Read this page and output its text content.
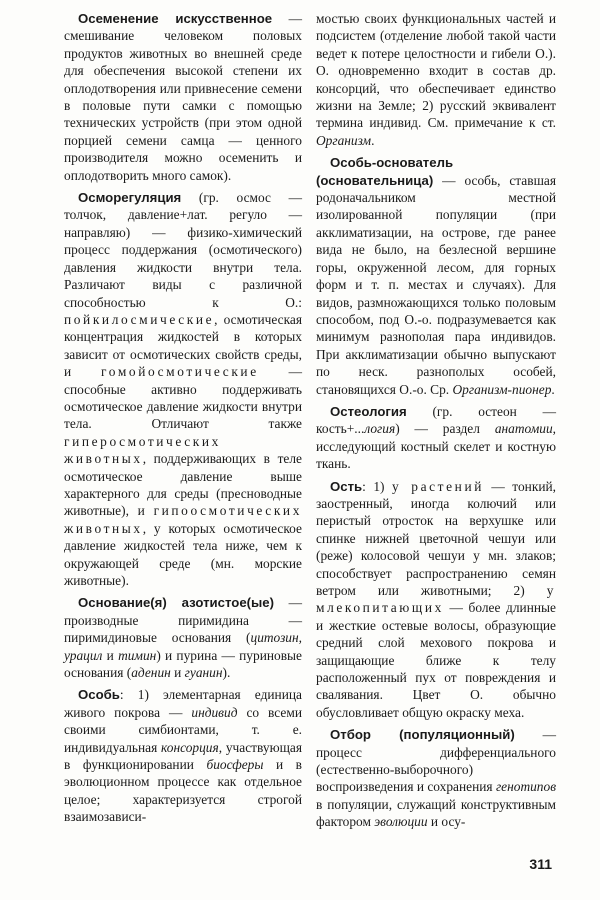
Осеменение искусственное — смешивание человеком половых продуктов животных во внешней среде для обеспечения высокой степени их оплодотворения или привнесение семени в половые пути самки с помощью технических устройств (при этом одной порцией семени самца — ценного производителя можно осеменить и оплодотворить много самок).

Осморегуляция (гр. осмос — толчок, давление+лат. регуло — направляю) — физико-химический процесс поддержания (осмотического) давления жидкости внутри тела. Различают виды с различной способностью к О.: пойкилосмические, осмотическая концентрация жидкостей в которых зависит от осмотических свойств среды, и гомойосмотические — способные активно поддерживать осмотическое давление жидкости внутри тела. Отличают также гиперосмотических животных, поддерживающих в теле осмотическое давление выше характерного для среды (пресноводные животные), и гипоосмотических животных, у которых осмотическое давление жидкостей тела ниже, чем к окружающей среде (мн. морские животные).

Основание(я) азотистое(ые) — производные пиримидина — пиримидиновые основания (цитозин, урацил и тимин) и пурина — пуриновые основания (аденин и гуанин).

Особь: 1) элементарная единица живого покрова — индивид со всеми своими симбионтами, т. е. индивидуальная консорция, участвующая в функционировании биосферы и в эволюционном процессе как отдельное целое; характеризуется строгой взаимозависи-

мостью своих функциональных частей и подсистем (отделение любой такой части ведет к потере целостности и гибели О.). О. одновременно входит в состав др. консорций, что обеспечивает единство жизни на Земле; 2) русский эквивалент термина индивид. См. примечание к ст. Организм.

Особь-основатель (основательница) — особь, ставшая родоначальником местной изолированной популяции (при акклиматизации, на острове, где ранее вида не было, на безлесной вершине горы, окруженной лесом, для горных форм и т. п. местах и случаях). Для видов, размножающихся только половым способом, под О.-о. подразумевается как минимум разнополая пара индивидов. При акклиматизации обычно выпускают по неск. разнополых особей, становящихся О.-о. Ср. Организм-пионер.

Остеология (гр. остеон — кость+...логия) — раздел анатомии, исследующий костный скелет и костную ткань.

Ость: 1) у растений — тонкий, заостренный, иногда колючий или перистый отросток на верхушке или спинке нижней цветочной чешуи или (реже) колосовой чешуи у мн. злаков; способствует распространению семян ветром или животными; 2) у млекопитающих — более длинные и жесткие остевые волосы, образующие средний слой мехового покрова и защищающие ближе к телу расположенный пух от повреждения и свалявания. Цвет О. обычно обусловливает общую окраску меха.

Отбор (популяционный) — процесс дифференциального (естественно-выборочного) воспроизведения и сохранения генотипов в популяции, служащий конструктивным фактором эволюции и осу-

311
